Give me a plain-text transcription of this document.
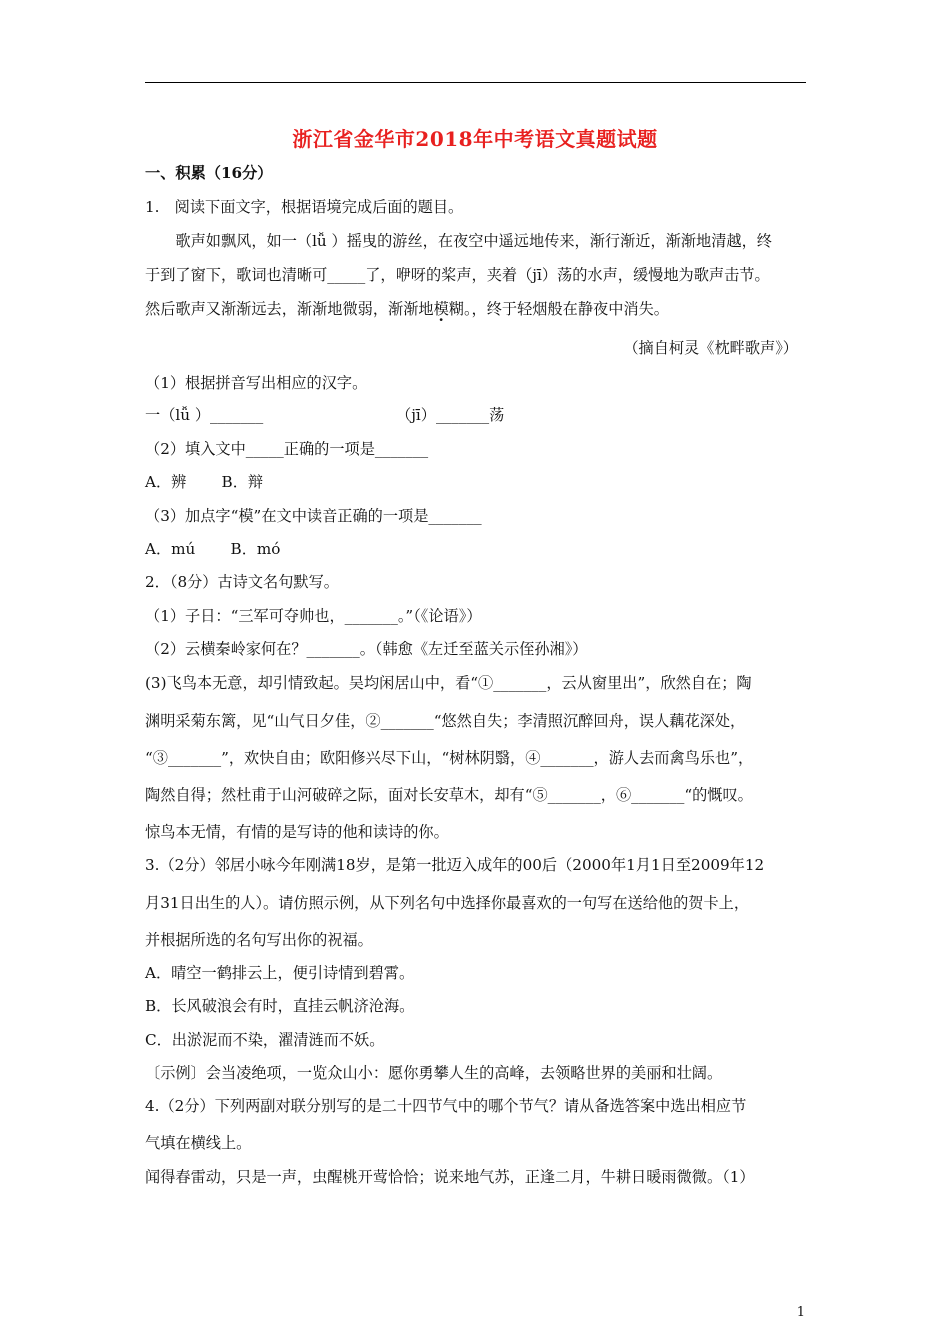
浙江省金华市2018年中考语文真题试题
一、积累（16分）
1.　阅读下面文字，根据语境完成后面的题目。
　　歌声如飘风，如一（lǚ ）摇曳的游丝，在夜空中遥远地传来，渐行渐近，渐渐地清越，终
于到了窗下，歌词也清晰可_____了，咿呀的桨声，夹着（jī）荡的水声，缓慢地为歌声击节。
然后歌声又渐渐远去，渐渐地微弱，渐渐地模糊。，终于轻烟般在静夜中消失。
（摘自柯灵《枕畔歌声》）
（1）根据拼音写出相应的汉字。
一（lǚ ）_______	（jī）_______荡
（2）填入文中_____正确的一项是_______
A．辨　　 B．辩
（3）加点字“模”在文中读音正确的一项是_______
A．mú　　 B．mó
2．（8分）古诗文名句默写。
（1）子日：“三军可夺帅也，_______。”（《论语》）
（2）云横秦岭家何在？_______。（韩愈《左迁至蓝关示侄孙湘》）
(3)飞鸟本无意，却引情致起。吴均闲居山中，看“①_______，云从窗里出”，欣然自在；陶
渊明采菊东篱，见“山气日夕佳，②_______“悠然自失；李清照沉醉回舟，误人藕花深处，
“③_______”，欢快自由；欧阳修兴尽下山，“树林阴翳，④_______，游人去而禽鸟乐也”，
陶然自得；然杜甫于山河破碎之际，面对长安草木，却有“⑤_______，⑥_______“的慨叹。
惊鸟本无情，有情的是写诗的他和读诗的你。
3.（2分）邻居小咏今年刚满18岁，是第一批迈入成年的00后（2000年1月1日至2009年12
月31日出生的人）。请仿照示例，从下列名句中选择你最喜欢的一句写在送给他的贺卡上，
并根据所选的名句写出你的祝福。
A．晴空一鹤排云上，便引诗情到碧霄。
B．长风破浪会有时，直挂云帆济沧海。
C．出淤泥而不染，濯清涟而不妖。
〔示例〕会当凌绝项，一览众山小：愿你勇攀人生的高峰，去领略世界的美丽和壮阔。
4.（2分）下列两副对联分别写的是二十四节气中的哪个节气？请从备选答案中选出相应节
气填在横线上。
闻得春雷动，只是一声，虫醒桃开莺恰恰；说来地气苏，正逢二月，牛耕日暖雨微微。（1）
1
